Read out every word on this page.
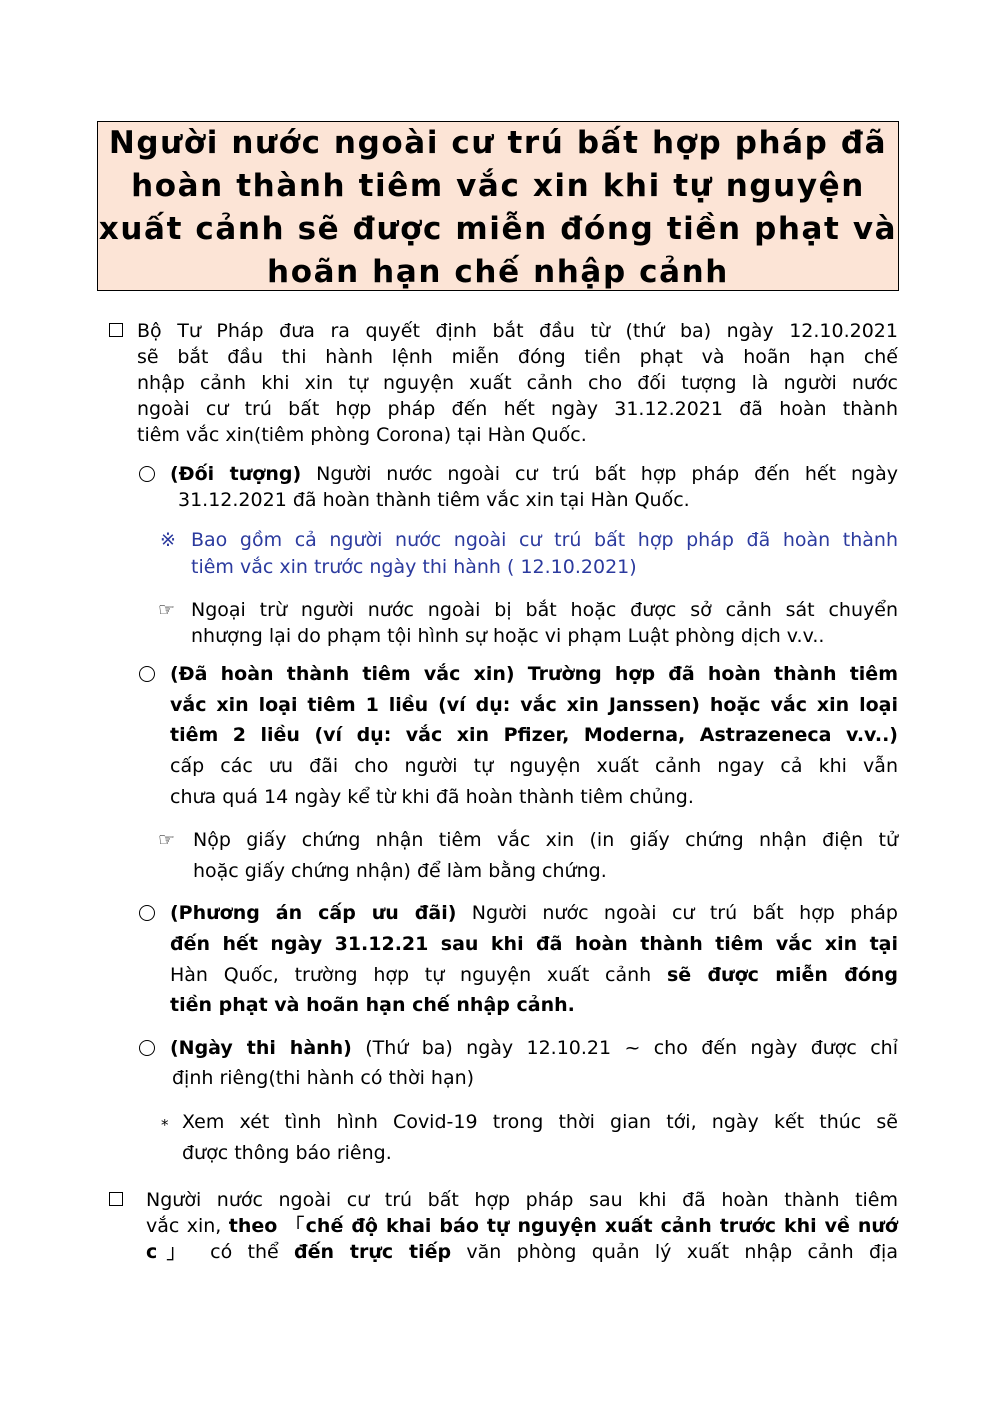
Người nước ngoài cư trú bất hợp pháp đã
hoàn thành tiêm vắc xin khi tự nguyện
xuất cảnh sẽ được miễn đóng tiền phạt và
hoãn hạn chế nhập cảnh
Bộ Tư Pháp đưa ra quyết định bắt đầu từ (thứ ba) ngày 12.10.2021
sẽ bắt đầu thi hành lệnh miễn đóng tiền phạt và hoãn hạn chế
nhập cảnh khi xin tự nguyện xuất cảnh cho đối tượng là người nước
ngoài cư trú bất hợp pháp đến hết ngày 31.12.2021 đã hoàn thành
tiêm vắc xin(tiêm phòng Corona) tại Hàn Quốc.
(Đối tượng) Người nước ngoài cư trú bất hợp pháp đến hết ngày
31.12.2021 đã hoàn thành tiêm vắc xin tại Hàn Quốc.
※ Bao gồm cả người nước ngoài cư trú bất hợp pháp đã hoàn thành
tiêm vắc xin trước ngày thi hành ( 12.10.2021)
☞ Ngoại trừ người nước ngoài bị bắt hoặc được sở cảnh sát chuyển
nhượng lại do phạm tội hình sự hoặc vi phạm Luật phòng dịch v.v..
(Đã hoàn thành tiêm vắc xin) Trường hợp đã hoàn thành tiêm
vắc xin loại tiêm 1 liều (ví dụ: vắc xin Janssen) hoặc vắc xin loại
tiêm 2 liều (ví dụ: vắc xin Pfizer, Moderna, Astrazeneca v.v..)
cấp các ưu đãi cho người tự nguyện xuất cảnh ngay cả khi vẫn
chưa quá 14 ngày kể từ khi đã hoàn thành tiêm chủng.
☞ Nộp giấy chứng nhận tiêm vắc xin (in giấy chứng nhận điện tử
hoặc giấy chứng nhận) để làm bằng chứng.
(Phương án cấp ưu đãi) Người nước ngoài cư trú bất hợp pháp
đến hết ngày 31.12.21 sau khi đã hoàn thành tiêm vắc xin tại
Hàn Quốc, trường hợp tự nguyện xuất cảnh sẽ được miễn đóng
tiền phạt và hoãn hạn chế nhập cảnh.
(Ngày thi hành) (Thứ ba) ngày 12.10.21 ~ cho đến ngày được chỉ
định riêng(thi hành có thời hạn)
* Xem xét tình hình Covid-19 trong thời gian tới, ngày kết thúc sẽ
được thông báo riêng.
Người nước ngoài cư trú bất hợp pháp sau khi đã hoàn thành tiêm
vắc xin, theo 「chế độ khai báo tự nguyện xuất cảnh trước khi về nướ
c」 có thể đến trực tiếp văn phòng quản lý xuất nhập cảnh địa
